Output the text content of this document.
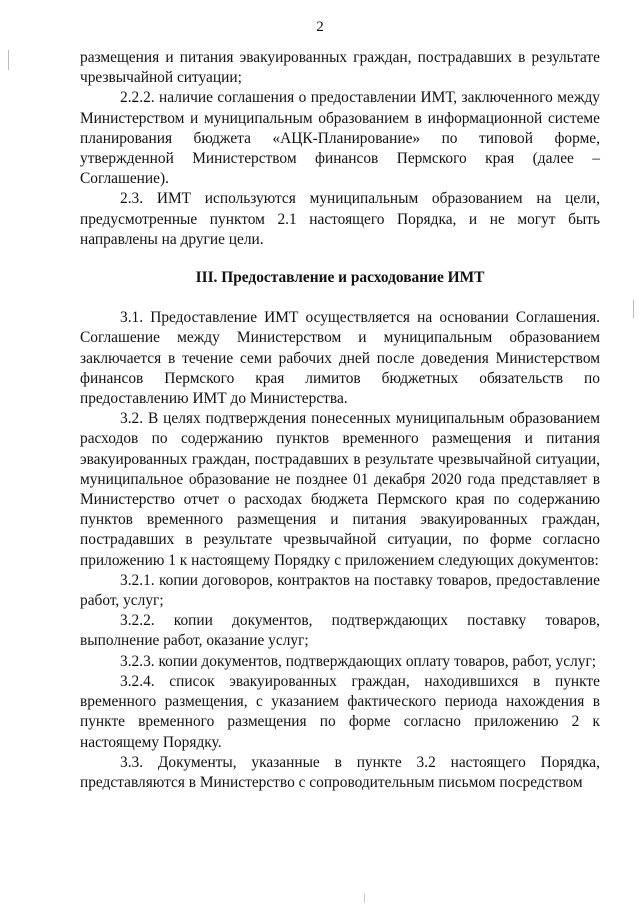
2

размещения и питания эвакуированных граждан, пострадавших в результате чрезвычайной ситуации;

2.2.2. наличие соглашения о предоставлении ИМТ, заключенного между Министерством и муниципальным образованием в информационной системе планирования бюджета «АЦК-Планирование» по типовой форме, утвержденной Министерством финансов Пермского края (далее – Соглашение).

2.3. ИМТ используются муниципальным образованием на цели, предусмотренные пунктом 2.1 настоящего Порядка, и не могут быть направлены на другие цели.

III. Предоставление и расходование ИМТ

3.1. Предоставление ИМТ осуществляется на основании Соглашения. Соглашение между Министерством и муниципальным образованием заключается в течение семи рабочих дней после доведения Министерством финансов Пермского края лимитов бюджетных обязательств по предоставлению ИМТ до Министерства.

3.2. В целях подтверждения понесенных муниципальным образованием расходов по содержанию пунктов временного размещения и питания эвакуированных граждан, пострадавших в результате чрезвычайной ситуации, муниципальное образование не позднее 01 декабря 2020 года представляет в Министерство отчет о расходах бюджета Пермского края по содержанию пунктов временного размещения и питания эвакуированных граждан, пострадавших в результате чрезвычайной ситуации, по форме согласно приложению 1 к настоящему Порядку с приложением следующих документов:

3.2.1. копии договоров, контрактов на поставку товаров, предоставление работ, услуг;

3.2.2. копии документов, подтверждающих поставку товаров, выполнение работ, оказание услуг;

3.2.3. копии документов, подтверждающих оплату товаров, работ, услуг;

3.2.4. список эвакуированных граждан, находившихся в пункте временного размещения, с указанием фактического периода нахождения в пункте временного размещения по форме согласно приложению 2 к настоящему Порядку.

3.3. Документы, указанные в пункте 3.2 настоящего Порядка, представляются в Министерство с сопроводительным письмом посредством
